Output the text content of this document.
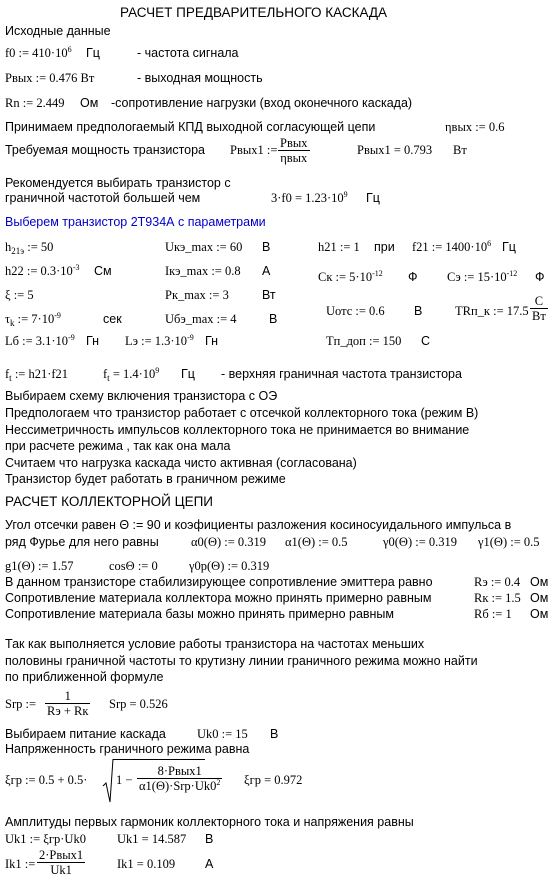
РАСЧЕТ ПРЕДВАРИТЕЛЬНОГО КАСКАДА
Исходные данные
f0 := $410\cdot 10^6$ Гц	- частота сигнала
Pвых := 0.476 Вт	- выходная мощность
Rn := 2.449 Ом -сопротивление нагрузки (вход оконечного каскада)
Принимаем предпологаемый КПД выходной согласующей цепи	ηвых := 0.6
Требуемая мощность транзистора Pвых1 := Pвых
ηвых
Pвых1 = 0.793 Вт
Рекомендуется выбирать транзистор с
граничной частотой большей чем	$3\cdot f0 = 1.23\cdot 10^9$ Гц
Выберем транзистор 2Т934А с параметрами
$h_{21э}$ := 50	Uкэ_max := 60 В	h21 := 1 при f21 := $1400\cdot 10^6$ Гц
h22 := $0.3\cdot 10^{-3}$ См	Iкэ_max := 0.8 А	Cк := $5\cdot 10^{-12}$ Ф Cэ := $15\cdot 10^{-12}$ Ф
ξ := 5	Pк_max := 3	Вт
$\tau_k$ := $7\cdot 10^{-9}$	сек	Uбэ_max := 4	В
Uотс := 0.6 В	TRп_к := 17.5
C
Вт
Lб := $3.1\cdot 10^{-9}$ Гн Lэ := $1.3\cdot 10^{-9}$ Гн	Tп_доп := 150 C
$f_t$ := h21·f21	$f_t = 1.4\cdot 10^9$ Гц - верхняя граничная частота транзистора
Выбираем схему включения транзистора с ОЭ
Предпологаем что транзистор работает с отсечкой коллекторного тока (режим В)
Нессиметричность импульсов коллекторного тока не принимается во внимание
при расчете режима , так как она мала
Считаем что нагрузка каскада чисто активная (согласована)
Транзистор будет работать в граничном режиме
РАСЧЕТ КОЛЛЕКТОРНОЙ ЦЕПИ
Угол отсечки равен Θ := 90 и коэфициенты разложения косиносуидального импульса в
ряд Фурье для него равны	α0(Θ) := 0.319 α1(Θ) := 0.5	γ0(Θ) := 0.319 γ1(Θ) := 0.5
g1(Θ) := 1.57	cosΘ := 0	γ0p(Θ) := 0.319
В данном транзисторе стабилизирующее сопротивление эмиттера равно	Rэ := 0.4 Ом
Сопротивление материала коллектора можно принять примерно равным	Rк := 1.5 Ом
Сопротивление материала базы можно принять примерно равным	Rб := 1 Ом
Так как выполняется условие работы транзистора на частотах меньших
половины граничной частоты то крутизну линии граничного режима можно найти
по приближенной формуле
Srp :=
1
Rэ + Rк Srp = 0.526
Выбираем питание каскада Uk0 := 15 В
Напряженность граничного режима равна
ξгр := 0.5 + 0.5· 1 −
8·Pвых1
$\alpha 1(\Theta)\cdot Srp\cdot Uk0^2$ ξгр = 0.972
Амплитуды первых гармоник коллекторного тока и напряжения равны
Uk1 := ξгр·Uk0 Uk1 = 14.587 В
Ik1 :=
2·Pвых1
Uk1	Ik1 = 0.109 А
